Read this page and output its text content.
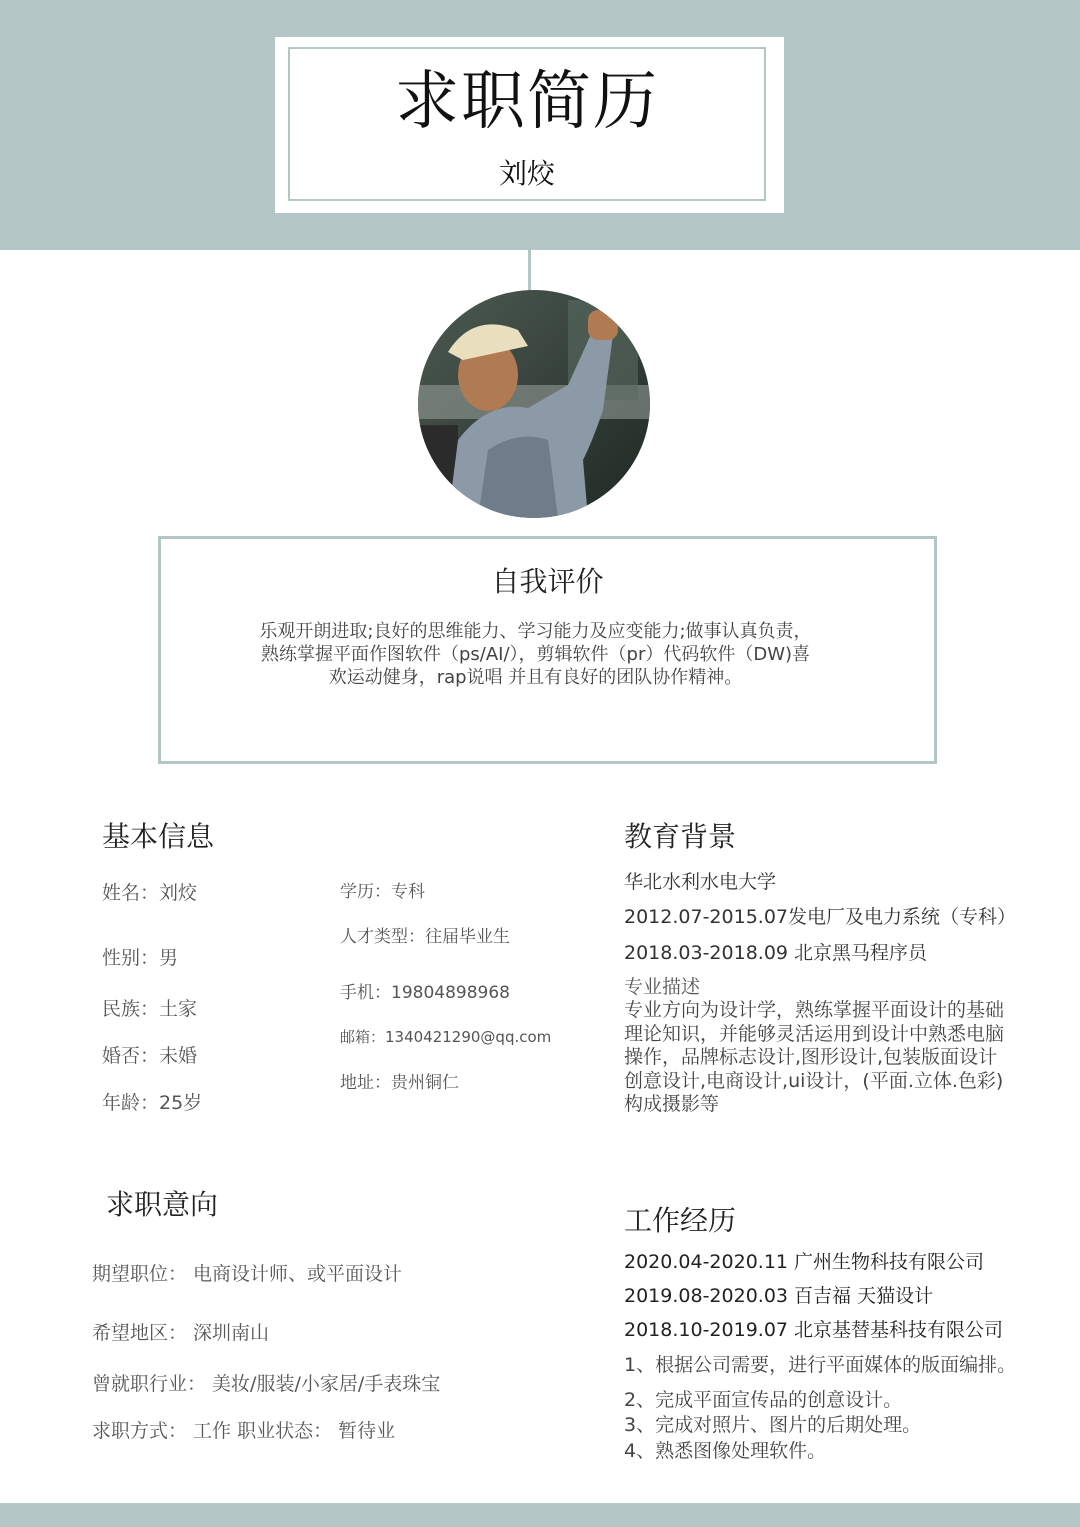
求职简历
刘烄
自我评价
乐观开朗进取;良好的思维能力、学习能力及应变能力;做事认真负责，熟练掌握平面作图软件（ps/AI/），剪辑软件（pr）代码软件（DW)喜欢运动健身，rap说唱 并且有良好的团队协作精神。
基本信息
姓名：刘烄
性别：男
民族：土家
婚否：未婚
年龄：25岁
学历：专科
人才类型：往届毕业生
手机：19804898968
邮箱：1340421290@qq.com
地址：贵州铜仁
教育背景
华北水利水电大学
2012.07-2015.07发电厂及电力系统（专科）
2018.03-2018.09 北京黑马程序员
专业描述
专业方向为设计学，熟练掌握平面设计的基础理论知识，并能够灵活运用到设计中熟悉电脑操作，品牌标志设计,图形设计,包装版面设计创意设计,电商设计,ui设计，(平面.立体.色彩)构成摄影等
求职意向
期望职位： 电商设计师、或平面设计
希望地区： 深圳南山
曾就职行业： 美妆/服装/小家居/手表珠宝
求职方式： 工作 职业状态： 暂待业
工作经历
2020.04-2020.11 广州生物科技有限公司
2019.08-2020.03 百吉福 天猫设计
2018.10-2019.07 北京基替基科技有限公司
1、根据公司需要，进行平面媒体的版面编排。
2、完成平面宣传品的创意设计。
3、完成对照片、图片的后期处理。
4、熟悉图像处理软件。
